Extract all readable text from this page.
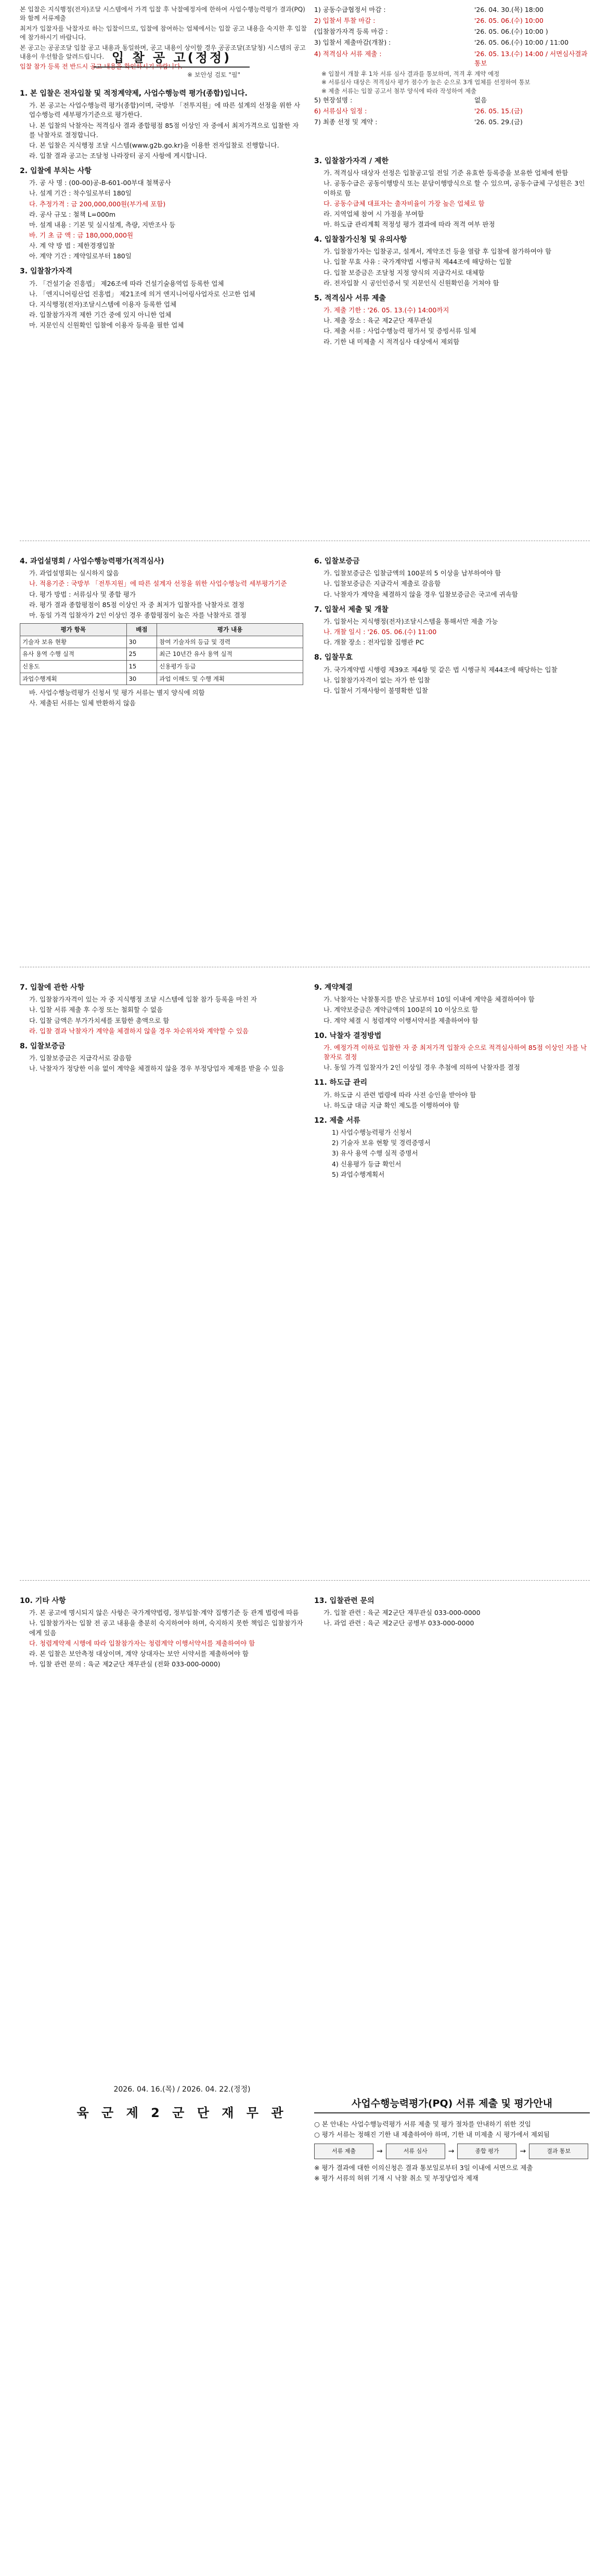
본 입찰은 지식행정(전자)조달 시스템에서 가격 입찰 후 낙찰예정자에 한하여 사업수행능력평가 결과(PQ)와 함께 서류제출

최저가 입찰자를 낙찰자로 하는 입찰이므로, 입찰에 참여하는 업체에서는 입찰 공고 내용을 숙지한 후 입찰에 참가하시기 바랍니다.

본 공고는 공공조달 입찰 공고 내용과 동일하며, 공고 내용이 상이할 경우 공공조달(조달청) 시스템의 공고 내용이 우선함을 알려드립니다.

입찰 참가 등록 전 반드시 공고 내용을 확인하시기 바랍니다.

1) 공동수급협정서 마감 :	'26. 04. 30.(목) 18:00
2) 입찰서 투찰 마감 :	'26. 05. 06.(수) 10:00
(입찰참가자격 등록 마감 :	'26. 05. 06.(수) 10:00 )
3) 입찰서 제출마감(개찰) :	'26. 05. 06.(수) 10:00 / 11:00
4) 적격심사 서류 제출 :	'26. 05. 13.(수) 14:00 / 서면심사결과 통보
※ 입찰서 개찰 후 1차 서류 심사 결과를 통보하며, 적격 후 계약 예정
※ 서류심사 대상은 적격심사 평가 점수가 높은 순으로 3개 업체를 선정하여 통보
※ 제출 서류는 입찰 공고서 첨부 양식에 따라 작성하여 제출
5) 현장설명 :	없음
6) 서류심사 일정 :	'26. 05. 15.(금)
7) 최종 선정 및 계약 :	'26. 05. 29.(금)
입 찰 공 고(정정)
※ 보안성 검토 "필"
1. 본 입찰은 전자입찰 및 적정계약제, 사업수행능력 평가(종합)입니다.
가. 본 공고는 사업수행능력 평가(종합)이며, 국방부 「전투지원」에 따른 설계의 선정을 위한 사업수행능력 세부평가기준으로 평가한다.
나. 본 입찰의 낙찰자는 적격심사 결과 종합평점 85점 이상인 자 중에서 최저가격으로 입찰한 자를 낙찰자로 결정합니다.
다. 본 입찰은 지식행정 조달 시스템(www.g2b.go.kr)을 이용한 전자입찰로 진행합니다.
라. 입찰 결과 공고는 조달청 나라장터 공지 사항에 게시합니다.
2. 입찰에 부치는 사항
가. 공 사 명 : (00-00)공-B-601-00부대 철책공사
나. 설계 기간 : 착수일로부터 180일
다. 추정가격 : 금 200,000,000원(부가세 포함)
라. 공사 규모 : 철책 L=000m
마. 설계 내용 : 기본 및 실시설계, 측량, 지반조사 등
바. 기 초 금 액 : 금 180,000,000원
사. 계 약 방 법 : 제한경쟁입찰
아. 계약 기간 : 계약일로부터 180일
3. 입찰참가자격
가. 「건설기술 진흥법」 제26조에 따라 건설기술용역업 등록한 업체
나. 「엔지니어링산업 진흥법」 제21조에 의거 엔지니어링사업자로 신고한 업체
다. 지식행정(전자)조달시스템에 이용자 등록한 업체
라. 입찰참가자격 제한 기간 중에 있지 아니한 업체
마. 지문인식 신원확인 입찰에 이용자 등록을 필한 업체
3. 입찰참가자격 / 제한
가. 적격심사 대상자 선정은 입찰공고일 전일 기준 유효한 등록증을 보유한 업체에 한함
나. 공동수급은 공동이행방식 또는 분담이행방식으로 할 수 있으며, 공동수급체 구성원은 3인 이하로 함
다. 공동수급체 대표자는 출자비율이 가장 높은 업체로 함
라. 지역업체 참여 시 가점을 부여함
마. 하도급 관리계획 적정성 평가 결과에 따라 적격 여부 판정
4. 입찰참가신청 및 유의사항
가. 입찰참가자는 입찰공고, 설계서, 계약조건 등을 열람 후 입찰에 참가하여야 함
나. 입찰 무효 사유 : 국가계약법 시행규칙 제44조에 해당하는 입찰
다. 입찰 보증금은 조달청 지정 양식의 지급각서로 대체함
라. 전자입찰 시 공인인증서 및 지문인식 신원확인을 거쳐야 함
5. 적격심사 서류 제출
가. 제출 기한 : '26. 05. 13.(수) 14:00까지
나. 제출 장소 : 육군 제2군단 재무관실
다. 제출 서류 : 사업수행능력 평가서 및 증빙서류 일체
라. 기한 내 미제출 시 적격심사 대상에서 제외함
4. 과업설명회 / 사업수행능력평가(적격심사)
가. 과업설명회는 실시하지 않음
나. 적용기준 : 국방부 「전투지원」에 따른 설계자 선정을 위한 사업수행능력 세부평가기준
다. 평가 방법 : 서류심사 및 종합 평가
라. 평가 결과 종합평점이 85점 이상인 자 중 최저가 입찰자를 낙찰자로 결정
마. 동일 가격 입찰자가 2인 이상인 경우 종합평점이 높은 자를 낙찰자로 결정
평가 항목	배점	평가 내용
기술자 보유 현황	30	참여 기술자의 등급 및 경력
유사 용역 수행 실적	25	최근 10년간 유사 용역 실적
신용도	15	신용평가 등급
과업수행계획	30	과업 이해도 및 수행 계획
바. 사업수행능력평가 신청서 및 평가 서류는 별지 양식에 의함
사. 제출된 서류는 일체 반환하지 않음
6. 입찰보증금
가. 입찰보증금은 입찰금액의 100분의 5 이상을 납부하여야 함
나. 입찰보증금은 지급각서 제출로 갈음함
다. 낙찰자가 계약을 체결하지 않을 경우 입찰보증금은 국고에 귀속함
7. 입찰서 제출 및 개찰
가. 입찰서는 지식행정(전자)조달시스템을 통해서만 제출 가능
나. 개찰 일시 : '26. 05. 06.(수) 11:00
다. 개찰 장소 : 전자입찰 집행관 PC
8. 입찰무효
가. 국가계약법 시행령 제39조 제4항 및 같은 법 시행규칙 제44조에 해당하는 입찰
나. 입찰참가자격이 없는 자가 한 입찰
다. 입찰서 기재사항이 불명확한 입찰
7. 입찰에 관한 사항
가. 입찰참가자격이 있는 자 중 지식행정 조달 시스템에 입찰 참가 등록을 마친 자
나. 입찰 서류 제출 후 수정 또는 철회할 수 없음
다. 입찰 금액은 부가가치세를 포함한 총액으로 함
라. 입찰 결과 낙찰자가 계약을 체결하지 않을 경우 차순위자와 계약할 수 있음
8. 입찰보증금
가. 입찰보증금은 지급각서로 갈음함
나. 낙찰자가 정당한 이유 없이 계약을 체결하지 않을 경우 부정당업자 제재를 받을 수 있음
9. 계약체결
가. 낙찰자는 낙찰통지를 받은 날로부터 10일 이내에 계약을 체결하여야 함
나. 계약보증금은 계약금액의 100분의 10 이상으로 함
다. 계약 체결 시 청렴계약 이행서약서를 제출하여야 함
10. 낙찰자 결정방법
가. 예정가격 이하로 입찰한 자 중 최저가격 입찰자 순으로 적격심사하여 85점 이상인 자를 낙찰자로 결정
나. 동일 가격 입찰자가 2인 이상일 경우 추첨에 의하여 낙찰자를 결정
11. 하도급 관리
가. 하도급 시 관련 법령에 따라 사전 승인을 받아야 함
나. 하도급 대금 지급 확인 제도를 이행하여야 함
12. 제출 서류
1) 사업수행능력평가 신청서
2) 기술자 보유 현황 및 경력증명서
3) 유사 용역 수행 실적 증명서
4) 신용평가 등급 확인서
5) 과업수행계획서
10. 기타 사항
가. 본 공고에 명시되지 않은 사항은 국가계약법령, 정부입찰·계약 집행기준 등 관계 법령에 따름
나. 입찰참가자는 입찰 전 공고 내용을 충분히 숙지하여야 하며, 숙지하지 못한 책임은 입찰참가자에게 있음
다. 청렴계약제 시행에 따라 입찰참가자는 청렴계약 이행서약서를 제출하여야 함
라. 본 입찰은 보안측정 대상이며, 계약 상대자는 보안 서약서를 제출하여야 함
마. 입찰 관련 문의 : 육군 제2군단 재무관실 (전화 033-000-0000)
13. 입찰관련 문의
가. 입찰 관련 : 육군 제2군단 재무관실 033-000-0000
나. 과업 관련 : 육군 제2군단 공병부 033-000-0000
2026. 04. 16.(목) / 2026. 04. 22.(정정)
육 군 제 2 군 단 재 무 관
사업수행능력평가(PQ) 서류 제출 및 평가안내
○ 본 안내는 사업수행능력평가 서류 제출 및 평가 절차를 안내하기 위한 것임
○ 평가 서류는 정해진 기한 내 제출하여야 하며, 기한 내 미제출 시 평가에서 제외됨
서류 제출	→	서류 심사	→	종합 평가	→	결과 통보
※ 평가 결과에 대한 이의신청은 결과 통보일로부터 3일 이내에 서면으로 제출
※ 평가 서류의 허위 기재 시 낙찰 취소 및 부정당업자 제재
